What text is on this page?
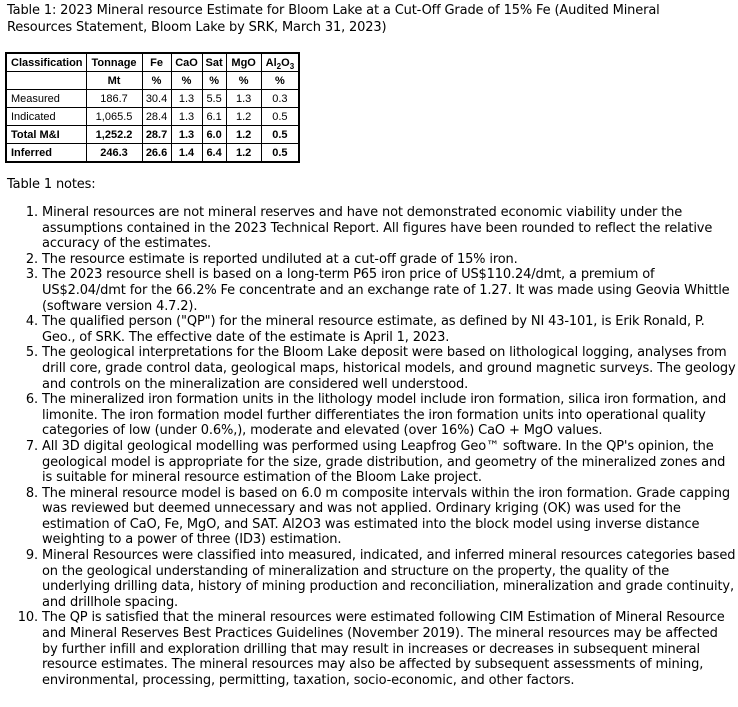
Table 1: 2023 Mineral resource Estimate for Bloom Lake at a Cut-Off Grade of 15% Fe (Audited Mineral Resources Statement, Bloom Lake by SRK, March 31, 2023)

Classification	Tonnage	Fe	CaO	Sat	MgO	$Al_2O_3$
	Mt	%	%	%	%	%
Measured	186.7	30.4	1.3	5.5	1.3	0.3
Indicated	1,065.5	28.4	1.3	6.1	1.2	0.5
Total M&I	1,252.2	28.7	1.3	6.0	1.2	0.5
Inferred	246.3	26.6	1.4	6.4	1.2	0.5

Table 1 notes:

1. Mineral resources are not mineral reserves and have not demonstrated economic viability under the assumptions contained in the 2023 Technical Report. All figures have been rounded to reflect the relative accuracy of the estimates.
2. The resource estimate is reported undiluted at a cut-off grade of 15% iron.
3. The 2023 resource shell is based on a long-term P65 iron price of US$110.24/dmt, a premium of US$2.04/dmt for the 66.2% Fe concentrate and an exchange rate of 1.27. It was made using Geovia Whittle (software version 4.7.2).
4. The qualified person ("QP") for the mineral resource estimate, as defined by NI 43-101, is Erik Ronald, P. Geo., of SRK. The effective date of the estimate is April 1, 2023.
5. The geological interpretations for the Bloom Lake deposit were based on lithological logging, analyses from drill core, grade control data, geological maps, historical models, and ground magnetic surveys. The geology and controls on the mineralization are considered well understood.
6. The mineralized iron formation units in the lithology model include iron formation, silica iron formation, and limonite. The iron formation model further differentiates the iron formation units into operational quality categories of low (under 0.6%,), moderate and elevated (over 16%) CaO + MgO values.
7. All 3D digital geological modelling was performed using Leapfrog Geo™ software. In the QP's opinion, the geological model is appropriate for the size, grade distribution, and geometry of the mineralized zones and is suitable for mineral resource estimation of the Bloom Lake project.
8. The mineral resource model is based on 6.0 m composite intervals within the iron formation. Grade capping was reviewed but deemed unnecessary and was not applied. Ordinary kriging (OK) was used for the estimation of CaO, Fe, MgO, and SAT. Al2O3 was estimated into the block model using inverse distance weighting to a power of three (ID3) estimation.
9. Mineral Resources were classified into measured, indicated, and inferred mineral resources categories based on the geological understanding of mineralization and structure on the property, the quality of the underlying drilling data, history of mining production and reconciliation, mineralization and grade continuity, and drillhole spacing.
10. The QP is satisfied that the mineral resources were estimated following CIM Estimation of Mineral Resource and Mineral Reserves Best Practices Guidelines (November 2019). The mineral resources may be affected by further infill and exploration drilling that may result in increases or decreases in subsequent mineral resource estimates. The mineral resources may also be affected by subsequent assessments of mining, environmental, processing, permitting, taxation, socio-economic, and other factors.
